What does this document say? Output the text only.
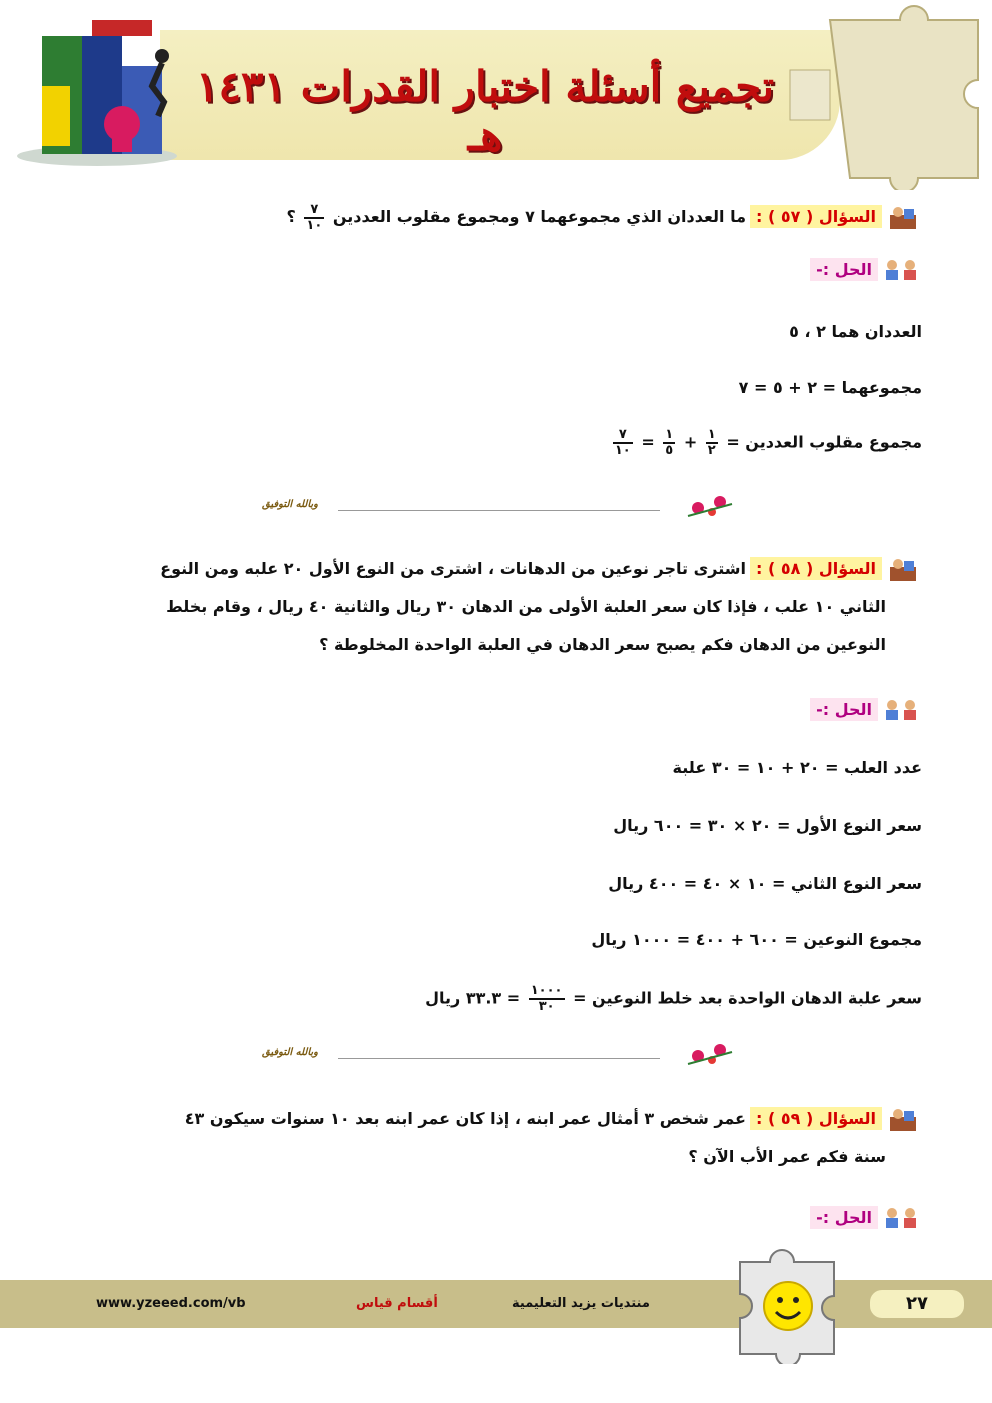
تجميع أسئلة اختبار القدرات ١٤٣١ هـ
السؤال ( ٥٧ ) :ما العددان الذي مجموعهما ٧ ومجموع مقلوب العددين
$\frac{٧}{١٠}$
؟
الحل :-
العددان هما ٢ ، ٥
مجموعهما = ٢ + ٥ = ٧
مجموع مقلوب العددين =
$\frac{١}{٢}$
+
$\frac{١}{٥}$
=
$\frac{٧}{١٠}$
وبالله التوفيق
السؤال ( ٥٨ ) :اشترى تاجر نوعين من الدهانات ، اشترى من النوع الأول ٢٠ علبه ومن النوع
الثاني ١٠ علب ، فإذا كان سعر العلبة الأولى من الدهان ٣٠ ريال والثانية ٤٠ ريال ، وقام بخلط
النوعين من الدهان فكم يصبح سعر الدهان في العلبة الواحدة المخلوطة ؟
الحل :-
عدد العلب = ٢٠ + ١٠ = ٣٠ علبة
سعر النوع الأول = ٢٠ × ٣٠ = ٦٠٠ ريال
سعر النوع الثاني = ١٠ × ٤٠ = ٤٠٠ ريال
مجموع النوعين = ٦٠٠ + ٤٠٠ = ١٠٠٠ ريال
سعر علبة الدهان الواحدة بعد خلط النوعين =
$\frac{١٠٠٠}{٣٠}$
= ٣٣.٣ ريال
وبالله التوفيق
السؤال ( ٥٩ ) :عمر شخص ٣ أمثال عمر ابنه ، إذا كان عمر ابنه بعد ١٠ سنوات سيكون ٤٣
سنة فكم عمر الأب الآن ؟
الحل :-
www.yzeeed.com/vb	أقسام قياس	منتديات يزيد التعليمية	٢٧
